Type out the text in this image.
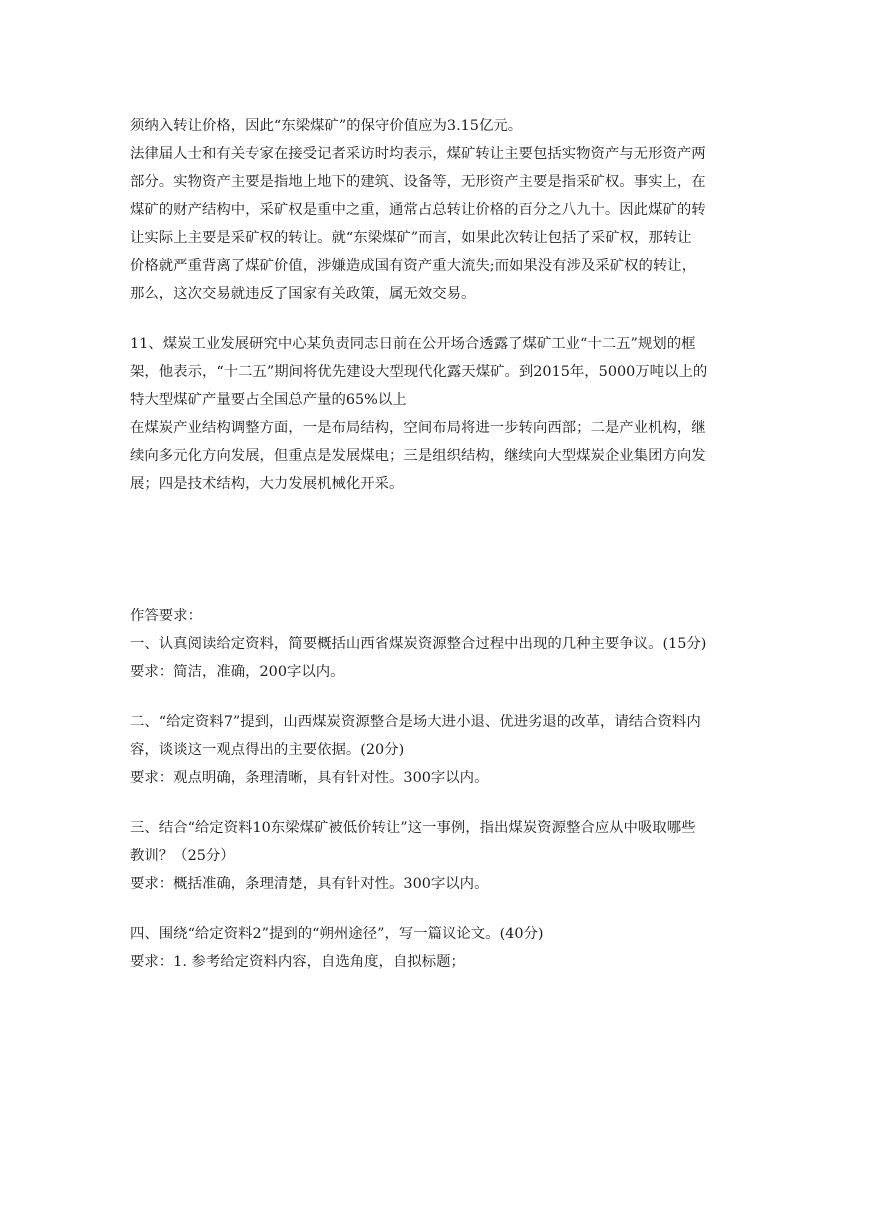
须纳入转让价格，因此“东梁煤矿”的保守价值应为3.15亿元。

法律届人士和有关专家在接受记者采访时均表示，煤矿转让主要包括实物资产与无形资产两

部分。实物资产主要是指地上地下的建筑、设备等，无形资产主要是指采矿权。事实上，在

煤矿的财产结构中，采矿权是重中之重，通常占总转让价格的百分之八九十。因此煤矿的转

让实际上主要是采矿权的转让。就“东梁煤矿”而言，如果此次转让包括了采矿权，那转让

价格就严重背离了煤矿价值，涉嫌造成国有资产重大流失;而如果没有涉及采矿权的转让，

那么，这次交易就违反了国家有关政策，属无效交易。

11、煤炭工业发展研究中心某负责同志日前在公开场合透露了煤矿工业“十二五”规划的框

架，他表示，“十二五”期间将优先建设大型现代化露天煤矿。到2015年，5000万吨以上的

特大型煤矿产量要占全国总产量的65%以上

在煤炭产业结构调整方面，一是布局结构，空间布局将进一步转向西部；二是产业机构，继

续向多元化方向发展，但重点是发展煤电；三是组织结构，继续向大型煤炭企业集团方向发

展；四是技术结构，大力发展机械化开采。

作答要求：

一、认真阅读给定资料，简要概括山西省煤炭资源整合过程中出现的几种主要争议。(15分)

要求：简洁，准确，200字以内。

二、“给定资料7”提到，山西煤炭资源整合是场大进小退、优进劣退的改革，请结合资料内

容，谈谈这一观点得出的主要依据。(20分)

要求：观点明确，条理清晰，具有针对性。300字以内。

三、结合“给定资料10东梁煤矿被低价转让”这一事例，指出煤炭资源整合应从中吸取哪些

教训？（25分）

要求：概括准确，条理清楚，具有针对性。300字以内。

四、围绕“给定资料2”提到的“朔州途径”，写一篇议论文。(40分)

要求：1. 参考给定资料内容，自选角度，自拟标题；
